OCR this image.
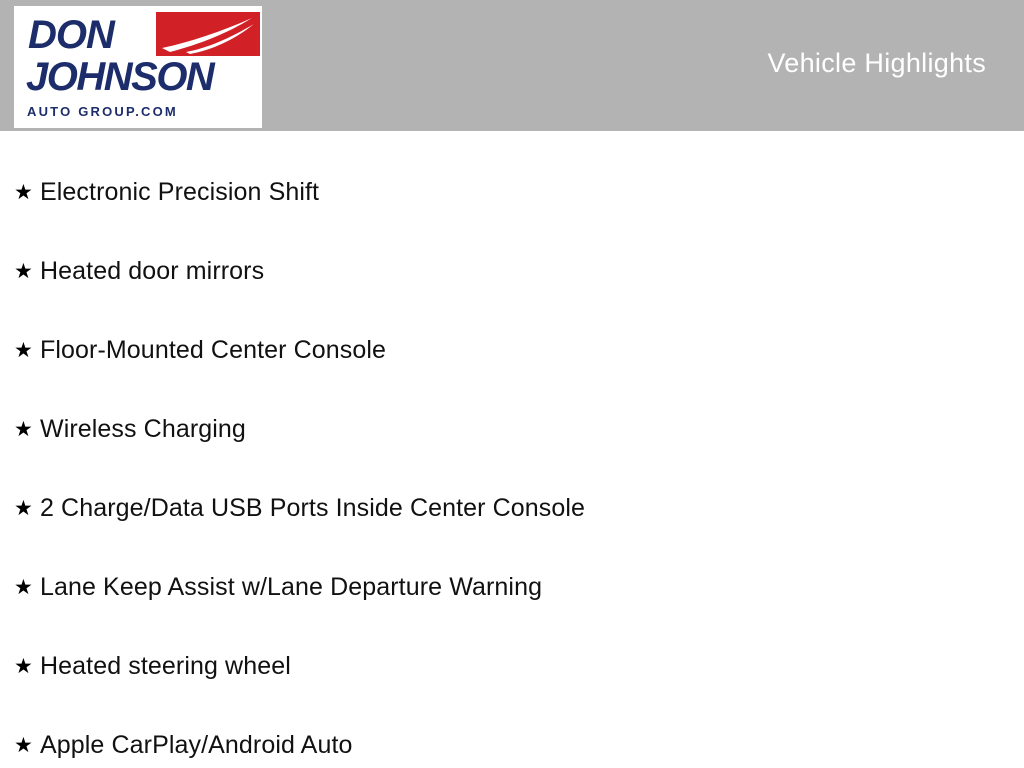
DON
JOHNSON
AUTO GROUP.COM
Vehicle Highlights
★ Electronic Precision Shift
★ Heated door mirrors
★ Floor-Mounted Center Console
★ Wireless Charging
★ 2 Charge/Data USB Ports Inside Center Console
★ Lane Keep Assist w/Lane Departure Warning
★ Heated steering wheel
★ Apple CarPlay/Android Auto
